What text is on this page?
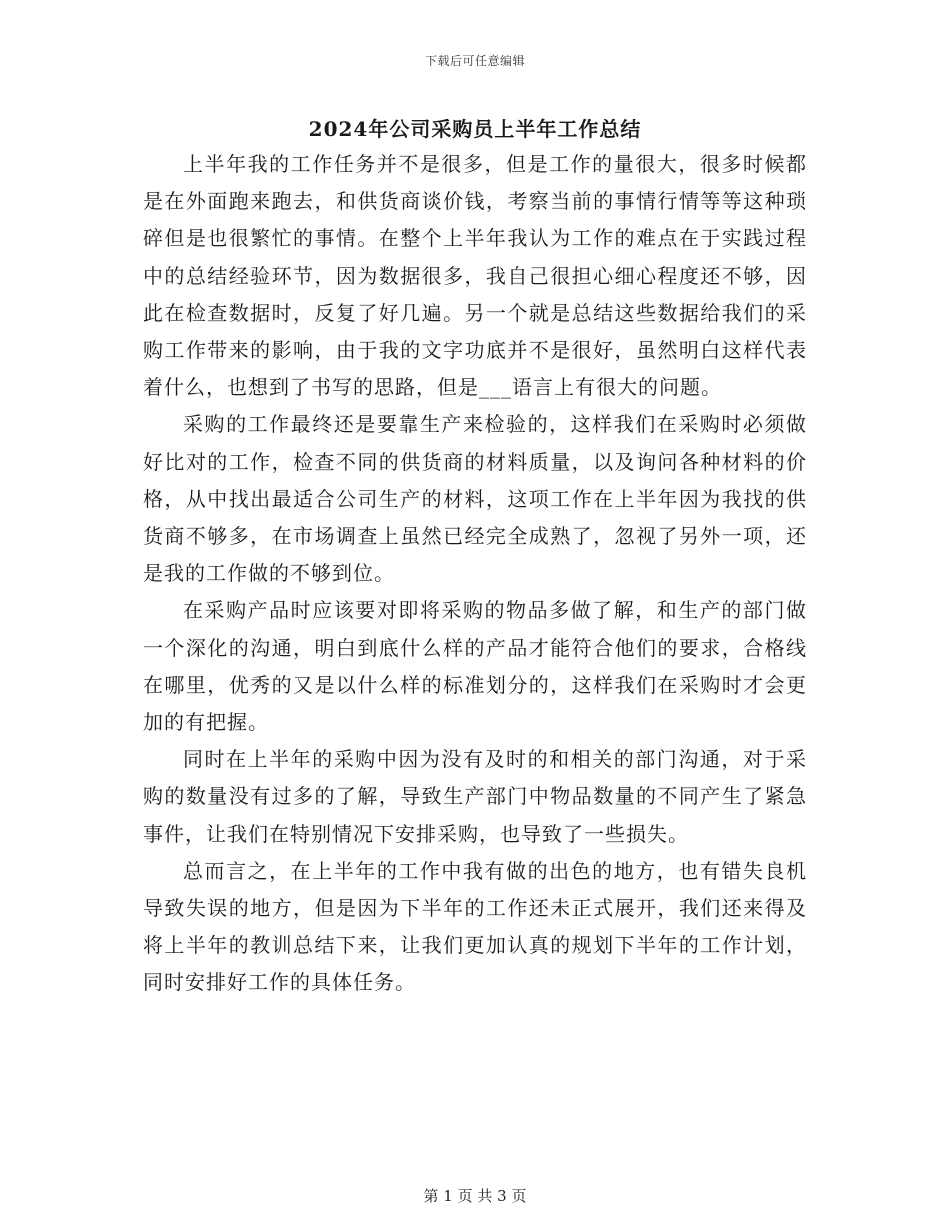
下载后可任意编辑
2024年公司采购员上半年工作总结

上半年我的工作任务并不是很多，但是工作的量很大，很多时候都是在外面跑来跑去，和供货商谈价钱，考察当前的事情行情等等这种琐碎但是也很繁忙的事情。在整个上半年我认为工作的难点在于实践过程中的总结经验环节，因为数据很多，我自己很担心细心程度还不够，因此在检查数据时，反复了好几遍。另一个就是总结这些数据给我们的采购工作带来的影响，由于我的文字功底并不是很好，虽然明白这样代表着什么，也想到了书写的思路，但是___语言上有很大的问题。

采购的工作最终还是要靠生产来检验的，这样我们在采购时必须做好比对的工作，检查不同的供货商的材料质量，以及询问各种材料的价格，从中找出最适合公司生产的材料，这项工作在上半年因为我找的供货商不够多，在市场调查上虽然已经完全成熟了，忽视了另外一项，还是我的工作做的不够到位。

在采购产品时应该要对即将采购的物品多做了解，和生产的部门做一个深化的沟通，明白到底什么样的产品才能符合他们的要求，合格线在哪里，优秀的又是以什么样的标准划分的，这样我们在采购时才会更加的有把握。

同时在上半年的采购中因为没有及时的和相关的部门沟通，对于采购的数量没有过多的了解，导致生产部门中物品数量的不同产生了紧急事件，让我们在特别情况下安排采购，也导致了一些损失。

总而言之，在上半年的工作中我有做的出色的地方，也有错失良机导致失误的地方，但是因为下半年的工作还未正式展开，我们还来得及将上半年的教训总结下来，让我们更加认真的规划下半年的工作计划，同时安排好工作的具体任务。

第 1 页 共 3 页
